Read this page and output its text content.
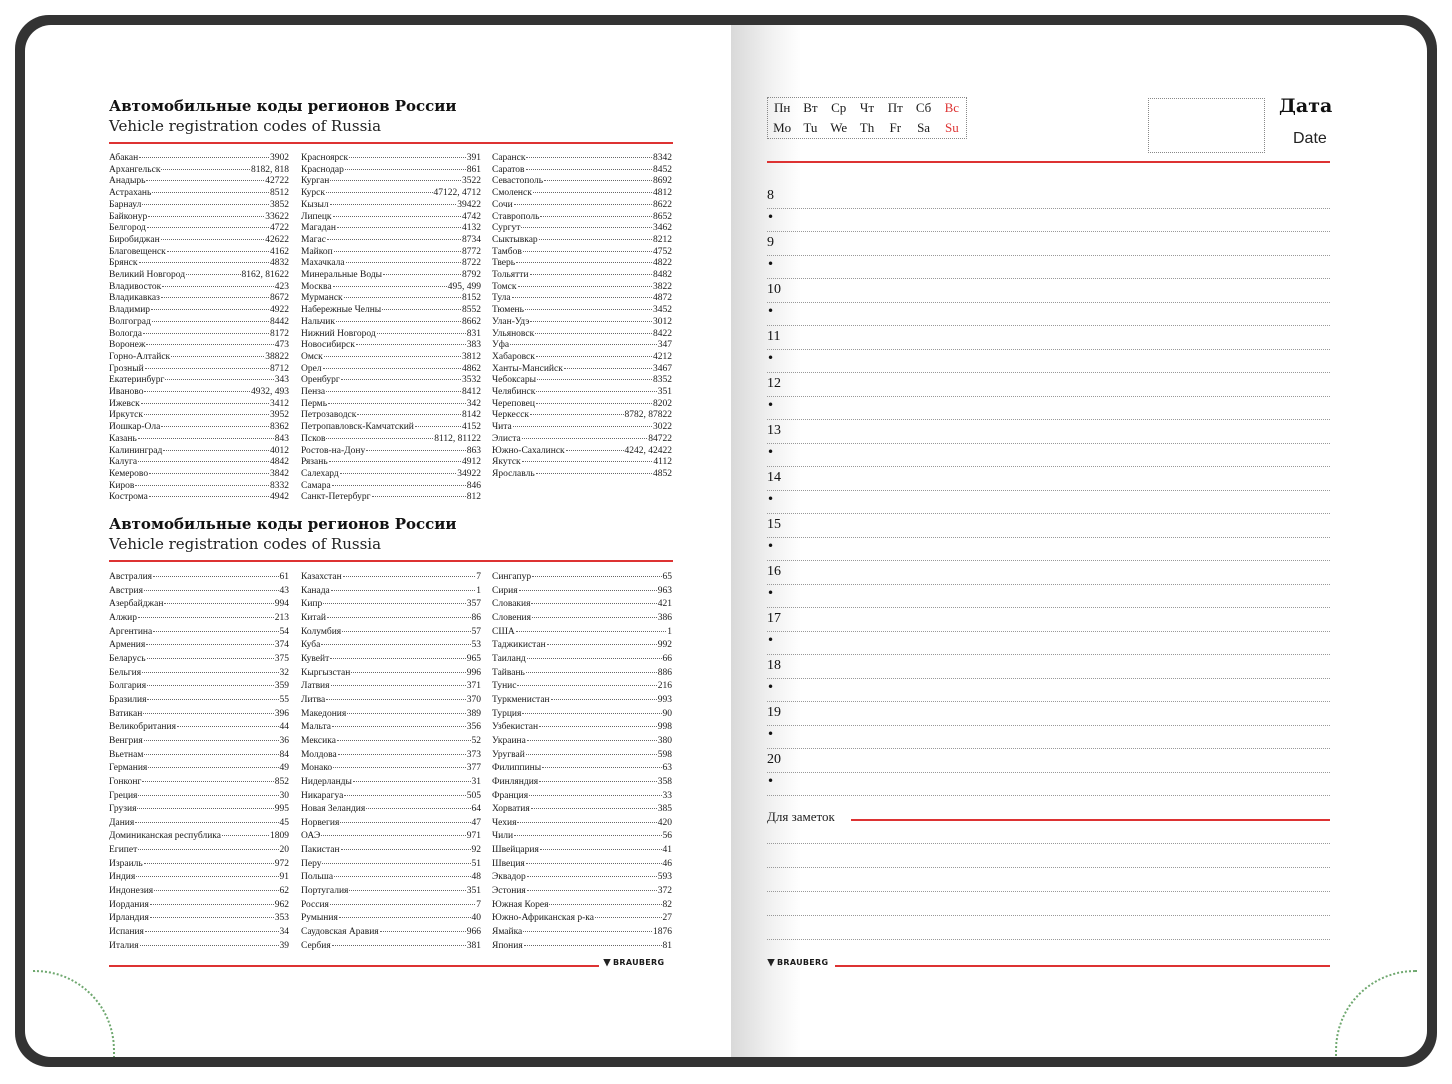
Автомобильные коды регионов России
Vehicle registration codes of Russia
Абакан	3902
Архангельск	8182, 818
Анадырь	42722
Астрахань	8512
Барнаул	3852
Байконур	33622
Белгород	4722
Биробиджан	42622
Благовещенск	4162
Брянск	4832
Великий Новгород	8162, 81622
Владивосток	423
Владикавказ	8672
Владимир	4922
Волгоград	8442
Вологда	8172
Воронеж	473
Горно-Алтайск	38822
Грозный	8712
Екатеринбург	343
Иваново	4932, 493
Ижевск	3412
Иркутск	3952
Йошкар-Ола	8362
Казань	843
Калининград	4012
Калуга	4842
Кемерово	3842
Киров	8332
Кострома	4942
Красноярск	391
Краснодар	861
Курган	3522
Курск	47122, 4712
Кызыл	39422
Липецк	4742
Магадан	4132
Магас	8734
Майкоп	8772
Махачкала	8722
Минеральные Воды	8792
Москва	495, 499
Мурманск	8152
Набережные Челны	8552
Нальчик	8662
Нижний Новгород	831
Новосибирск	383
Омск	3812
Орел	4862
Оренбург	3532
Пенза	8412
Пермь	342
Петрозаводск	8142
Петропавловск-Камчатский	4152
Псков	8112, 81122
Ростов-на-Дону	863
Рязань	4912
Салехард	34922
Самара	846
Санкт-Петербург	812
Саранск	8342
Саратов	8452
Севастополь	8692
Смоленск	4812
Сочи	8622
Ставрополь	8652
Сургут	3462
Сыктывкар	8212
Тамбов	4752
Тверь	4822
Тольятти	8482
Томск	3822
Тула	4872
Тюмень	3452
Улан-Удэ	3012
Ульяновск	8422
Уфа	347
Хабаровск	4212
Ханты-Мансийск	3467
Чебоксары	8352
Челябинск	351
Череповец	8202
Черкесск	8782, 87822
Чита	3022
Элиста	84722
Южно-Сахалинск	4242, 42422
Якутск	4112
Ярославль	4852
Автомобильные коды регионов России
Vehicle registration codes of Russia
Австралия	61
Австрия	43
Азербайджан	994
Алжир	213
Аргентина	54
Армения	374
Беларусь	375
Бельгия	32
Болгария	359
Бразилия	55
Ватикан	396
Великобритания	44
Венгрия	36
Вьетнам	84
Германия	49
Гонконг	852
Греция	30
Грузия	995
Дания	45
Доминиканская республика	1809
Египет	20
Израиль	972
Индия	91
Индонезия	62
Иордания	962
Ирландия	353
Испания	34
Италия	39
Казахстан	7
Канада	1
Кипр	357
Китай	86
Колумбия	57
Куба	53
Кувейт	965
Кыргызстан	996
Латвия	371
Литва	370
Македония	389
Мальта	356
Мексика	52
Молдова	373
Монако	377
Нидерланды	31
Никарагуа	505
Новая Зеландия	64
Норвегия	47
ОАЭ	971
Пакистан	92
Перу	51
Польша	48
Португалия	351
Россия	7
Румыния	40
Саудовская Аравия	966
Сербия	381
Сингапур	65
Сирия	963
Словакия	421
Словения	386
США	1
Таджикистан	992
Таиланд	66
Тайвань	886
Тунис	216
Туркменистан	993
Турция	90
Узбекистан	998
Украина	380
Уругвай	598
Филиппины	63
Финляндия	358
Франция	33
Хорватия	385
Чехия	420
Чили	56
Швейцария	41
Швеция	46
Эквадор	593
Эстония	372
Южная Корея	82
Южно-Африканская р-ка	27
Ямайка	1876
Япония	81
BRAUBERG
Пн Вт	Ср	Чт	Пт	Сб	Вс
Mo Tu We Th	Fr	Sa	Su
Дата
Date
8
•
9
•
10
•
11
•
12
•
13
•
14
•
15
•
16
•
17
•
18
•
19
•
20
•
Для заметок
BRAUBERG
